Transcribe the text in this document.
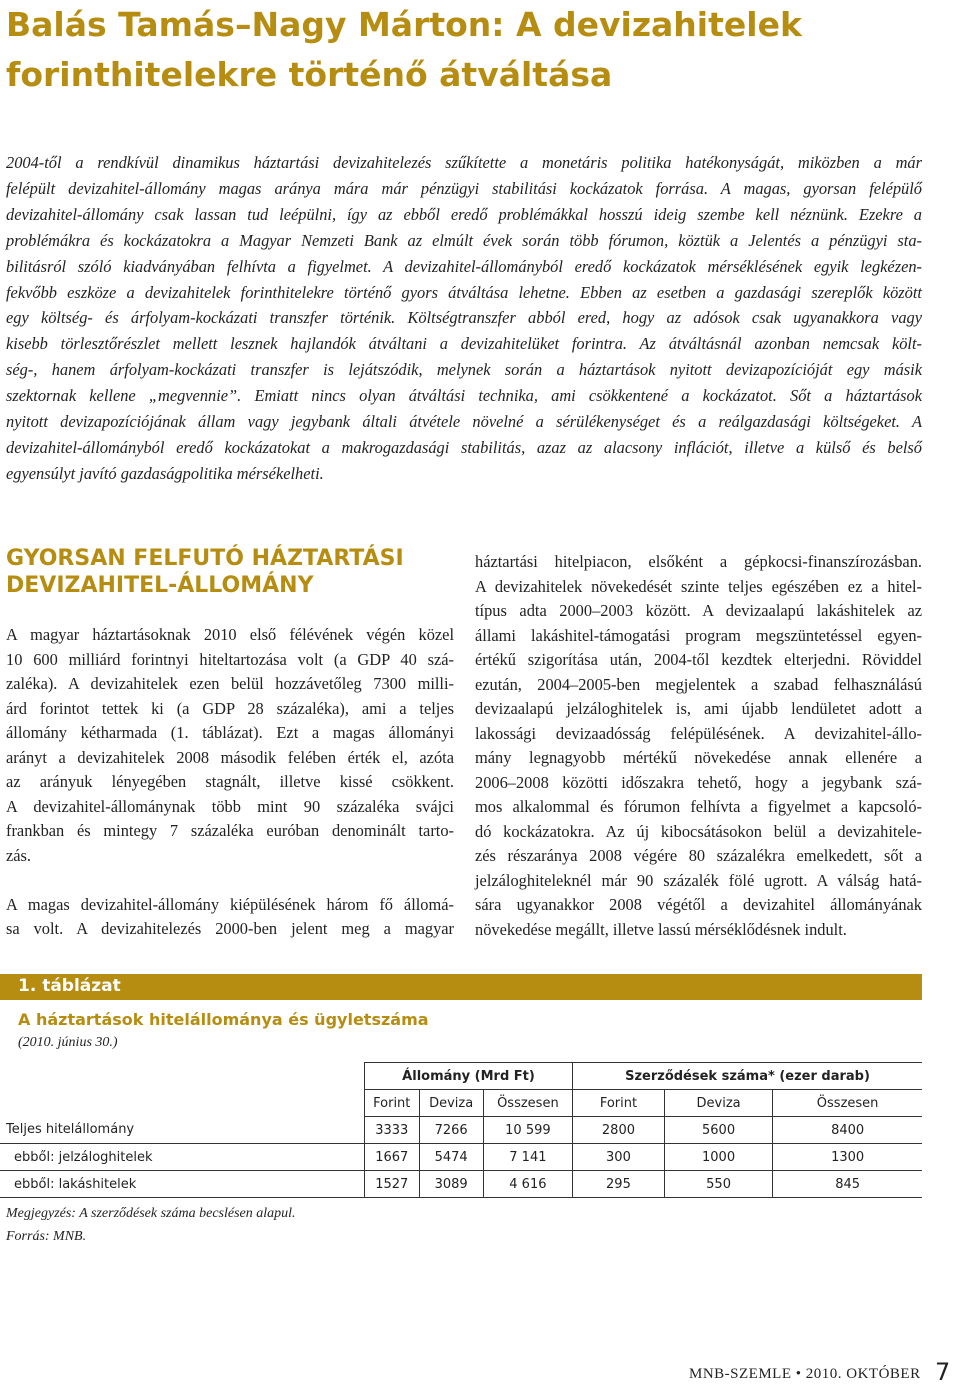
Balás Tamás–Nagy Márton: A devizahitelek
forinthitelekre történő átváltása

2004-től a rendkívül dinamikus háztartási devizahitelezés szűkítette a monetáris politika hatékonyságát, miközben a már
felépült devizahitel-állomány magas aránya mára már pénzügyi stabilitási kockázatok forrása. A magas, gyorsan felépülő
devizahitel-állomány csak lassan tud leépülni, így az ebből eredő problémákkal hosszú ideig szembe kell néznünk. Ezekre a
problémákra és kockázatokra a Magyar Nemzeti Bank az elmúlt évek során több fórumon, köztük a Jelentés a pénzügyi sta-
bilitásról szóló kiadványában felhívta a figyelmet. A devizahitel-állományból eredő kockázatok mérséklésének egyik legkézen-
fekvőbb eszköze a devizahitelek forinthitelekre történő gyors átváltása lehetne. Ebben az esetben a gazdasági szereplők között
egy költség- és árfolyam-kockázati transzfer történik. Költségtranszfer abból ered, hogy az adósok csak ugyanakkora vagy
kisebb törlesztőrészlet mellett lesznek hajlandók átváltani a devizahitelüket forintra. Az átváltásnál azonban nemcsak költ-
ség-, hanem árfolyam-kockázati transzfer is lejátszódik, melynek során a háztartások nyitott devizapozícióját egy másik
szektornak kellene „megvennie”. Emiatt nincs olyan átváltási technika, ami csökkentené a kockázatot. Sőt a háztartások
nyitott devizapozíciójának állam vagy jegybank általi átvétele növelné a sérülékenységet és a reálgazdasági költségeket. A
devizahitel-állományból eredő kockázatokat a makrogazdasági stabilitás, azaz az alacsony inflációt, illetve a külső és belső
egyensúlyt javító gazdaságpolitika mérsékelheti.

GYORSAN FELFUTÓ HÁZTARTÁSI
DEVIZAHITEL-ÁLLOMÁNY
A magyar háztartásoknak 2010 első félévének végén közel
10 600 milliárd forintnyi hiteltartozása volt (a GDP 40 szá-
zaléka). A devizahitelek ezen belül hozzávetőleg 7300 milli-
árd forintot tettek ki (a GDP 28 százaléka), ami a teljes
állomány kétharmada (1. táblázat). Ezt a magas állományi
arányt a devizahitelek 2008 második felében érték el, azóta
az arányuk lényegében stagnált, illetve kissé csökkent.
A devizahitel-állománynak több mint 90 százaléka svájci
frankban és mintegy 7 százaléka euróban denominált tarto-
zás.
A magas devizahitel-állomány kiépülésének három fő állomá-
sa volt. A devizahitelezés 2000-ben jelent meg a magyar
háztartási hitelpiacon, elsőként a gépkocsi-finanszírozásban.
A devizahitelek növekedését szinte teljes egészében ez a hitel-
típus adta 2000–2003 között. A devizaalapú lakáshitelek az
állami lakáshitel-támogatási program megszüntetéssel egyen-
értékű szigorítása után, 2004-től kezdtek elterjedni. Röviddel
ezután, 2004–2005-ben megjelentek a szabad felhasználású
devizaalapú jelzáloghitelek is, ami újabb lendületet adott a
lakossági devizaadósság felépülésének. A devizahitel-állo-
mány legnagyobb mértékű növekedése annak ellenére a
2006–2008 közötti időszakra tehető, hogy a jegybank szá-
mos alkalommal és fórumon felhívta a figyelmet a kapcsoló-
dó kockázatokra. Az új kibocsátásokon belül a devizahitele-
zés részaránya 2008 végére 80 százalékra emelkedett, sőt a
jelzáloghiteleknél már 90 százalék fölé ugrott. A válság hatá-
sára ugyanakkor 2008 végétől a devizahitel állományának
növekedése megállt, illetve lassú mérséklődésnek indult.
1. táblázat
A háztartások hitelállománya és ügyletszáma
(2010. június 30.)
	Állomány (Mrd Ft)			Szerződések száma* (ezer darab)		
	Forint	Deviza	Összesen	Forint	Deviza	Összesen
Teljes hitelállomány	3333	7266	10 599	2800	5600	8400
ebből: jelzáloghitelek	1667	5474	7 141	300	1000	1300
ebből: lakáshitelek	1527	3089	4 616	295	550	845
Megjegyzés: A szerződések száma becslésen alapul.
Forrás: MNB.
MNB-SZEMLE • 2010. OKTÓBER 7
